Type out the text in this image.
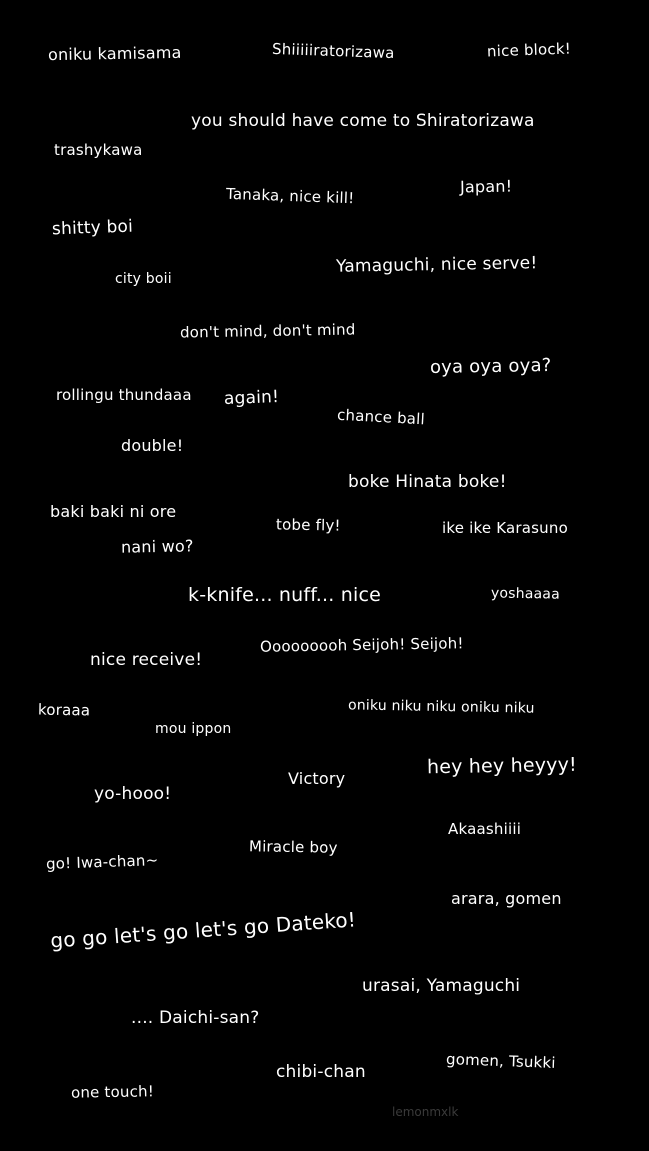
oniku kamisama	Shiiiiiratorizawa	nice block!
you should have come to Shiratorizawa
trashykawa
Japan!
Tanaka, nice kill!
shitty boi
Yamaguchi, nice serve!
city boii
don't mind, don't mind
oya oya oya?
rollingu thundaaa again!
chance ball
double!
boke Hinata boke!
baki baki ni ore
tobe fly!	ike ike Karasuno
nani wo?
k-knife... nuff... nice	yoshaaaa
Ooooooooh Seijoh! Seijoh!
nice receive!
koraaa	oniku niku niku oniku niku
mou ippon
hey hey heyyy!
Victory
yo-hooo!
Akaashiiii
Miracle boy
go! Iwa-chan~
arara, gomen
go go let's go let's go Dateko!
urasai, Yamaguchi
.... Daichi-san?
gomen, Tsukki
chibi-chan
one touch!
lemonmxlk
